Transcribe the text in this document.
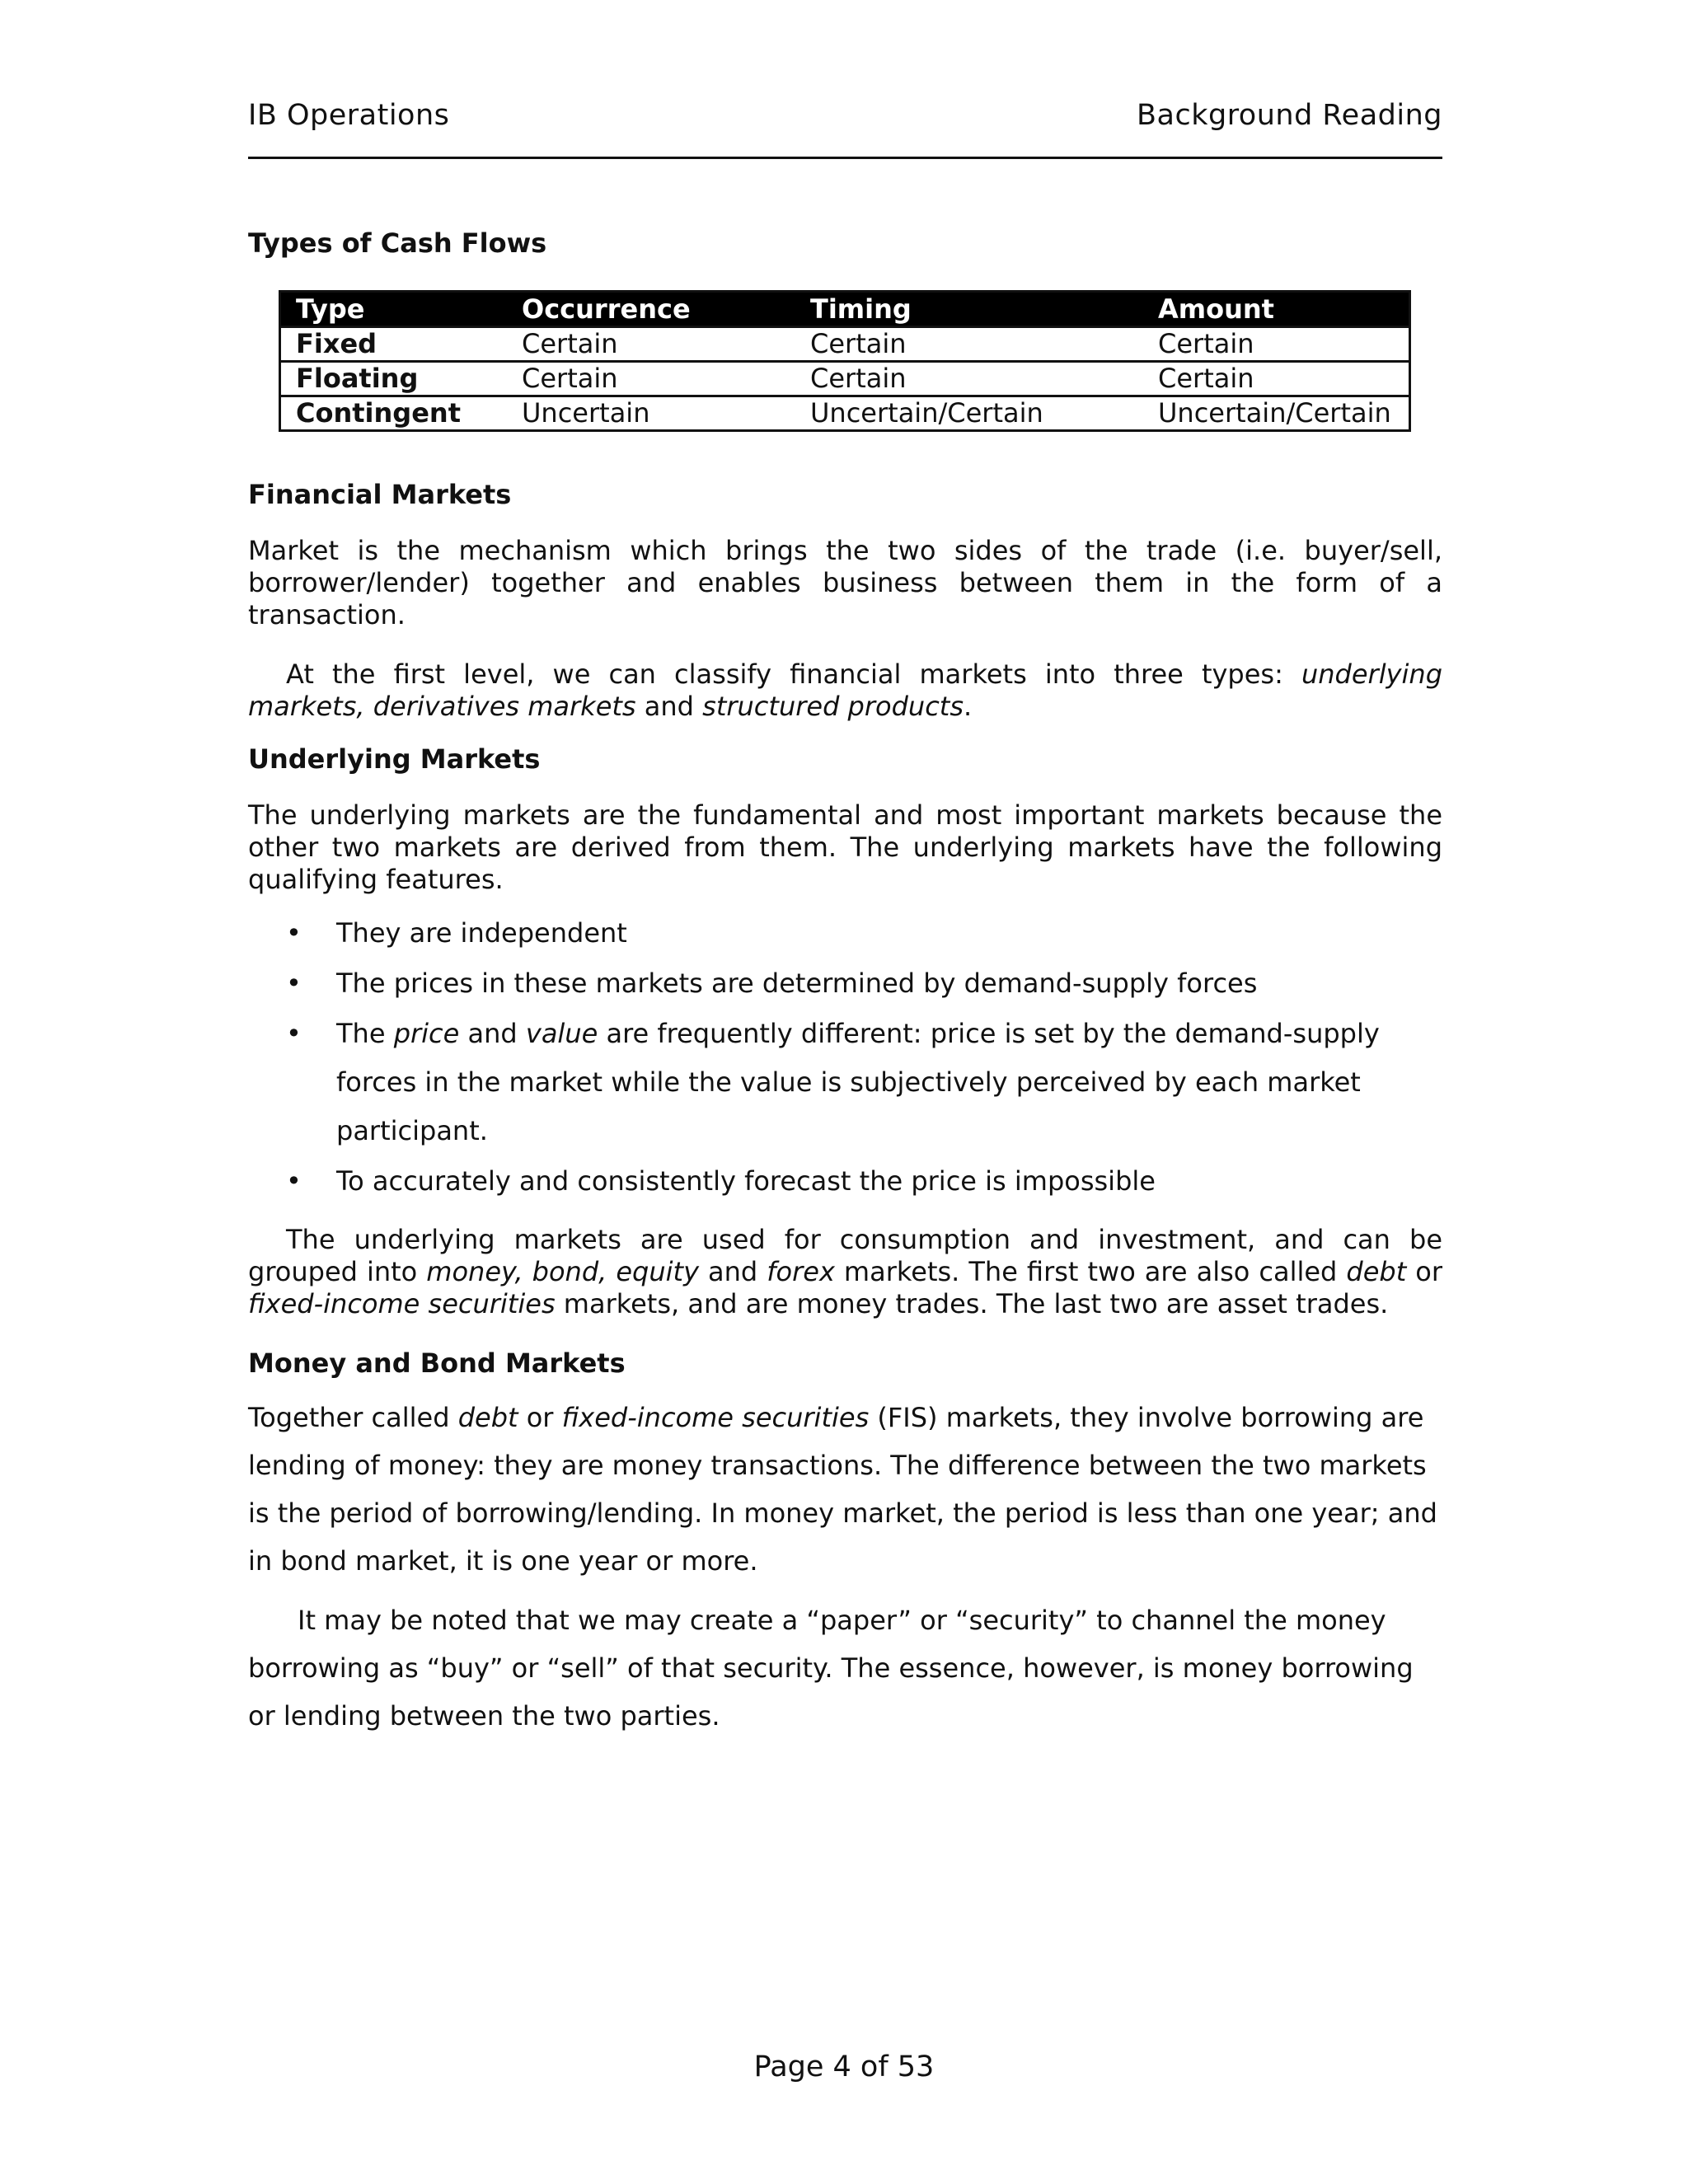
IB Operations	Background Reading

Types of Cash Flows

Type	Occurrence	Timing	Amount
Fixed	Certain	Certain	Certain
Floating	Certain	Certain	Certain
Contingent	Uncertain	Uncertain/Certain	Uncertain/Certain

Financial Markets

Market is the mechanism which brings the two sides of the trade (i.e. buyer/sell, borrower/lender) together and enables business between them in the form of a transaction.

At the first level, we can classify financial markets into three types: underlying markets, derivatives markets and structured products.

Underlying Markets

The underlying markets are the fundamental and most important markets because the other two markets are derived from them. The underlying markets have the following qualifying features.

• They are independent
• The prices in these markets are determined by demand-supply forces
• The price and value are frequently different: price is set by the demand-supply forces in the market while the value is subjectively perceived by each market participant.
• To accurately and consistently forecast the price is impossible

The underlying markets are used for consumption and investment, and can be grouped into money, bond, equity and forex markets. The first two are also called debt or fixed-income securities markets, and are money trades. The last two are asset trades.

Money and Bond Markets

Together called debt or fixed-income securities (FIS) markets, they involve borrowing are lending of money: they are money transactions. The difference between the two markets is the period of borrowing/lending. In money market, the period is less than one year; and in bond market, it is one year or more.

It may be noted that we may create a “paper” or “security” to channel the money borrowing as “buy” or “sell” of that security. The essence, however, is money borrowing or lending between the two parties.

Page 4 of 53
